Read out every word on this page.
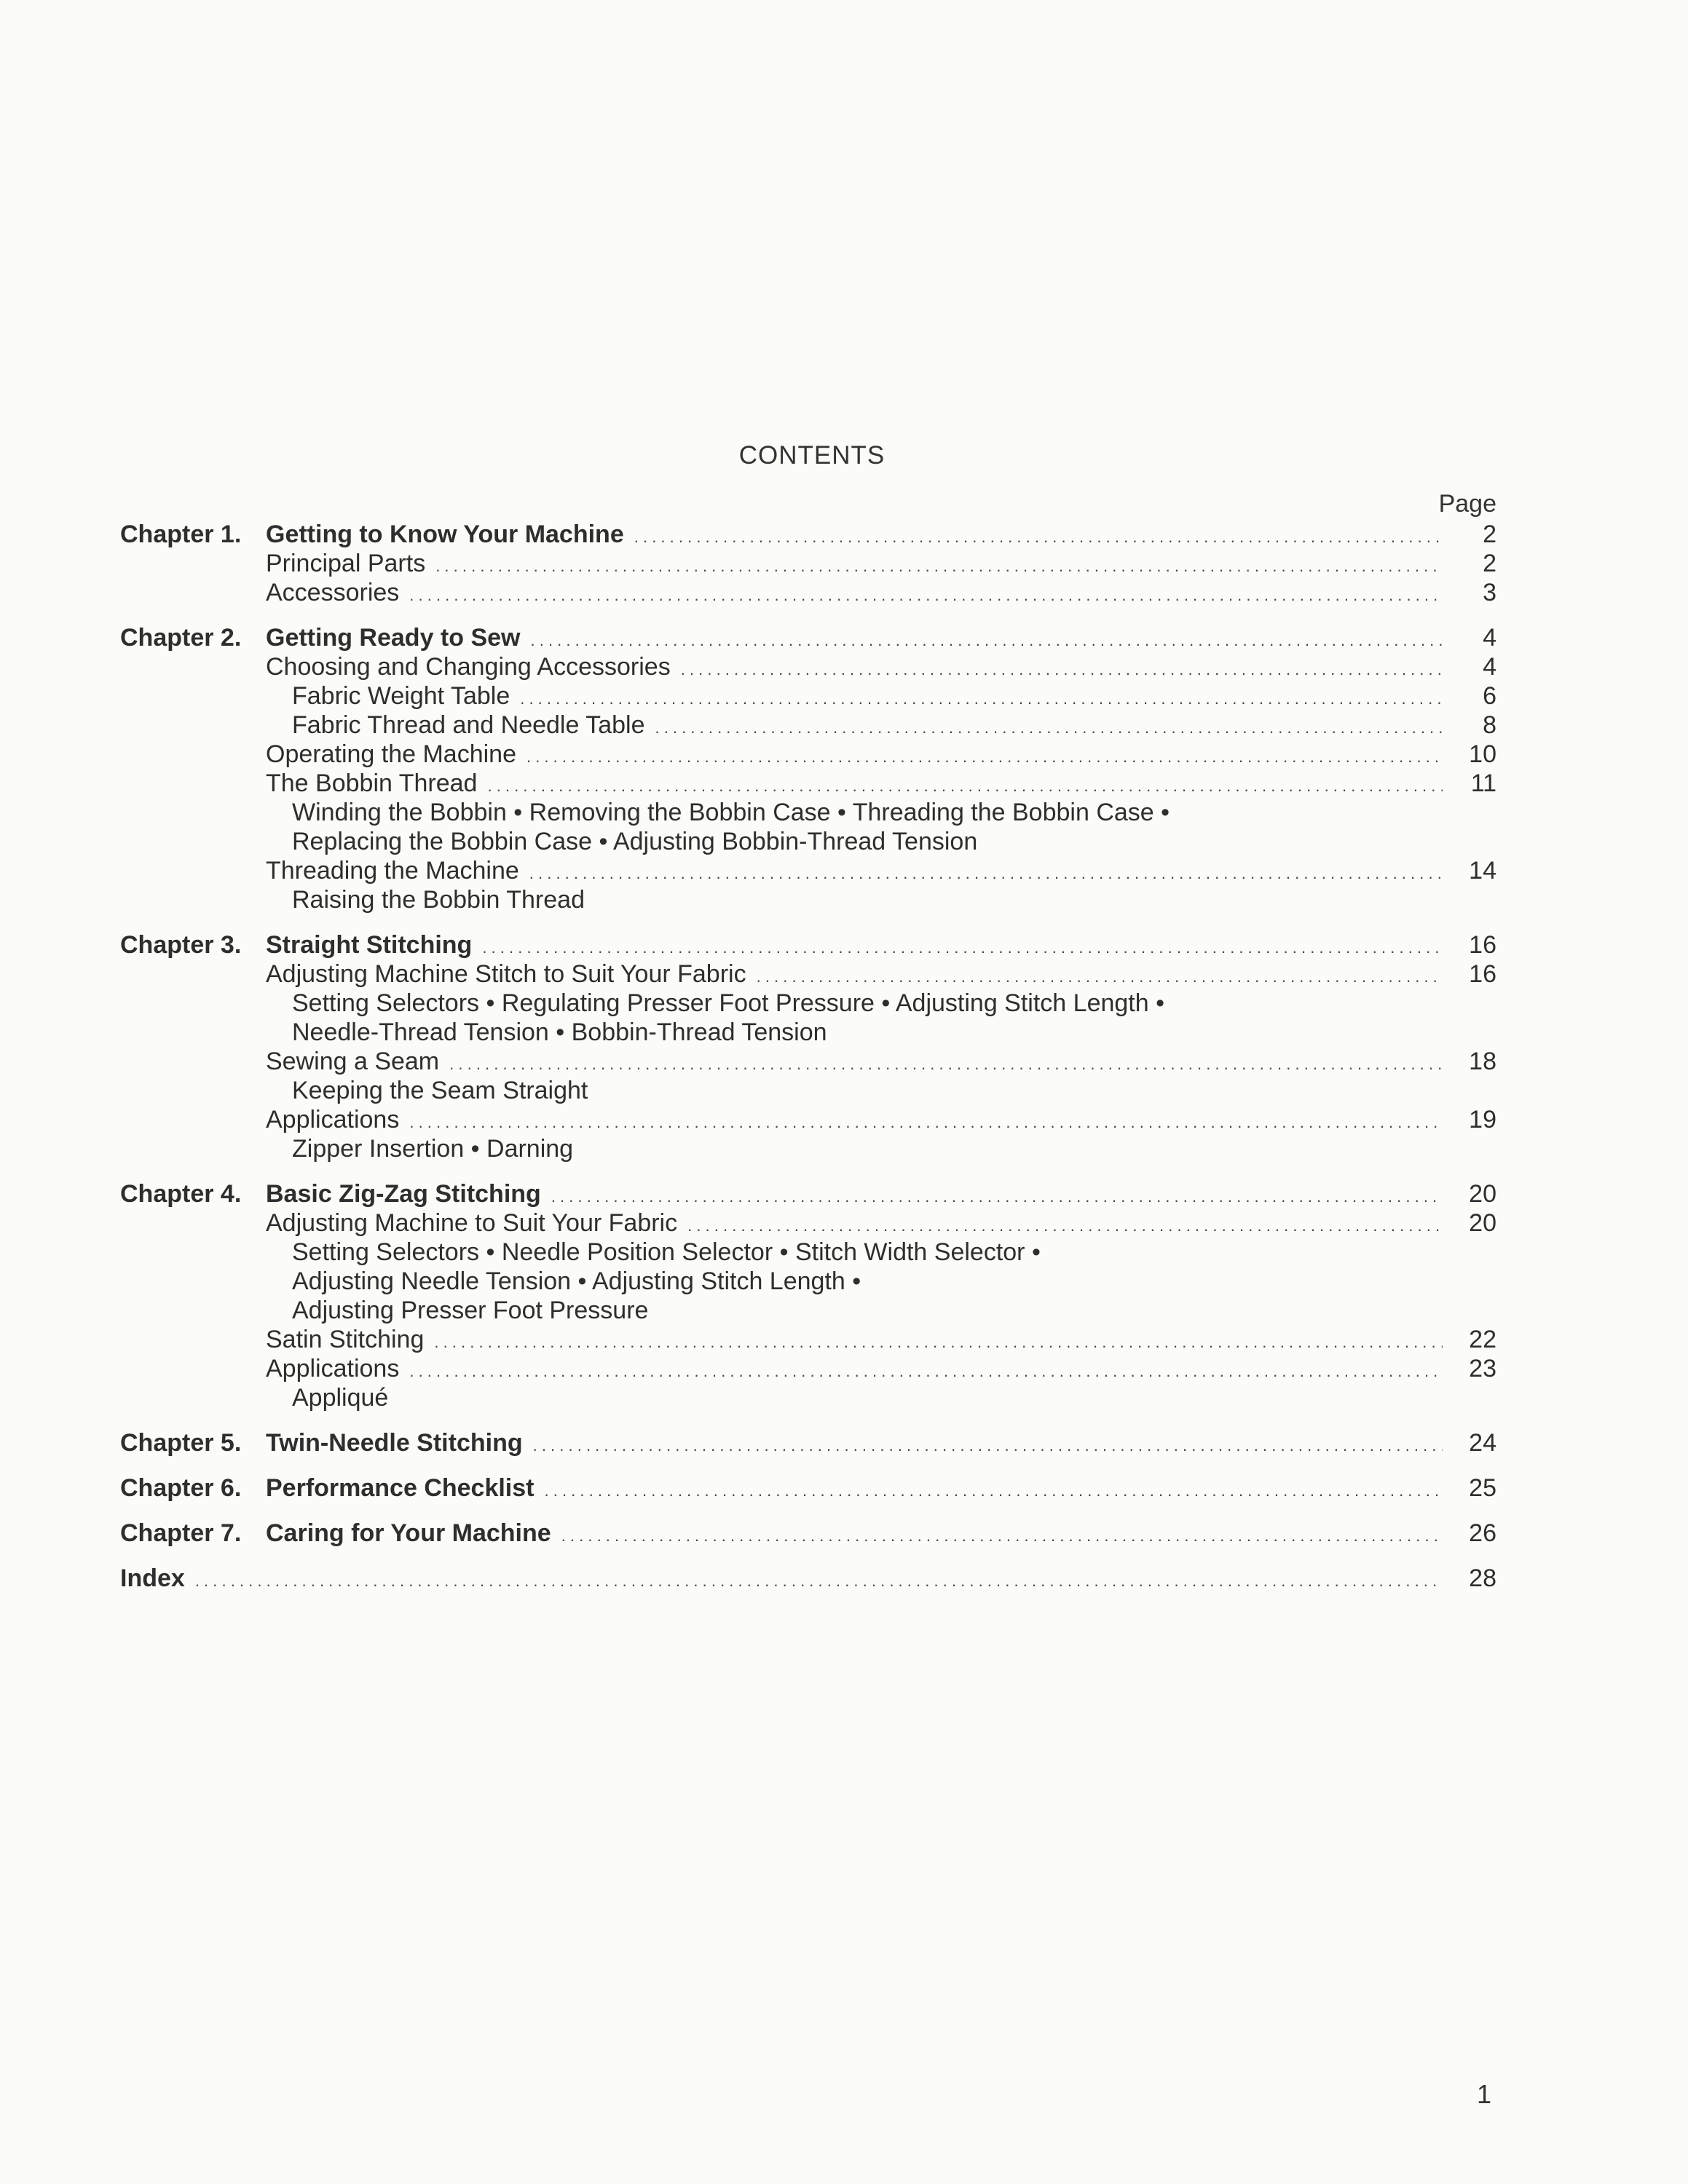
CONTENTS
Page
Chapter 1. Getting to Know Your Machine . . .	2
Principal Parts . . .	2
Accessories . . .	3
Chapter 2. Getting Ready to Sew . . .	4
Choosing and Changing Accessories . . .	4
Fabric Weight Table . . .	6
Fabric Thread and Needle Table . . .	8
Operating the Machine . . .	10
The Bobbin Thread . . .	11
Winding the Bobbin • Removing the Bobbin Case • Threading the Bobbin Case •
Replacing the Bobbin Case • Adjusting Bobbin-Thread Tension
Threading the Machine . . .	14
Raising the Bobbin Thread
Chapter 3. Straight Stitching . . .	16
Adjusting Machine Stitch to Suit Your Fabric . . .	16
Setting Selectors • Regulating Presser Foot Pressure • Adjusting Stitch Length •
Needle-Thread Tension • Bobbin-Thread Tension
Sewing a Seam . . .	18
Keeping the Seam Straight
Applications . . .	19
Zipper Insertion • Darning
Chapter 4. Basic Zig-Zag Stitching . . .	20
Adjusting Machine to Suit Your Fabric . . .	20
Setting Selectors • Needle Position Selector • Stitch Width Selector •
Adjusting Needle Tension • Adjusting Stitch Length •
Adjusting Presser Foot Pressure
Satin Stitching . . .	22
Applications . . .	23
Appliqué
Chapter 5. Twin-Needle Stitching . . .	24
Chapter 6. Performance Checklist . . .	25
Chapter 7. Caring for Your Machine . . .	26
Index . . .	28
1
